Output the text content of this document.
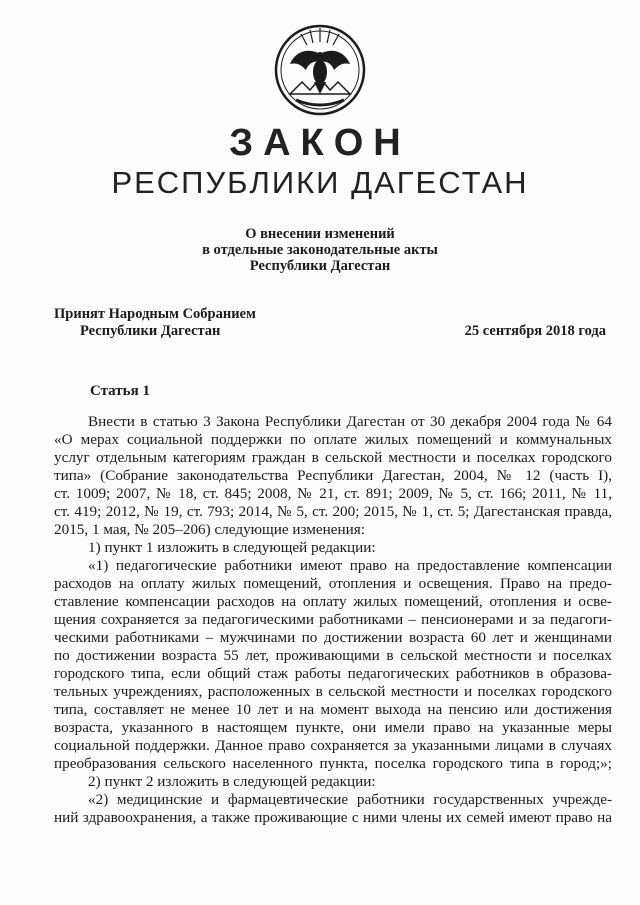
ЗАКОН
РЕСПУБЛИКИ ДАГЕСТАН
О внесении изменений
в отдельные законодательные акты
Республики Дагестан
Принят Народным Собранием
Республики Дагестан	25 сентября 2018 года
Статья 1
Внести в статью 3 Закона Республики Дагестан от 30 декабря 2004 года № 64
«О мерах социальной поддержки по оплате жилых помещений и коммунальных
услуг отдельным категориям граждан в сельской местности и поселках городского
типа» (Собрание законодательства Республики Дагестан, 2004, № 12 (часть I),
ст. 1009; 2007, № 18, ст. 845; 2008, № 21, ст. 891; 2009, № 5, ст. 166; 2011, № 11,
ст. 419; 2012, № 19, ст. 793; 2014, № 5, ст. 200; 2015, № 1, ст. 5; Дагестанская правда,
2015, 1 мая, № 205–206) следующие изменения:
1) пункт 1 изложить в следующей редакции:
«1) педагогические работники имеют право на предоставление компенсации
расходов на оплату жилых помещений, отопления и освещения. Право на предо-
ставление компенсации расходов на оплату жилых помещений, отопления и осве-
щения сохраняется за педагогическими работниками – пенсионерами и за педагоги-
ческими работниками – мужчинами по достижении возраста 60 лет и женщинами
по достижении возраста 55 лет, проживающими в сельской местности и поселках
городского типа, если общий стаж работы педагогических работников в образова-
тельных учреждениях, расположенных в сельской местности и поселках городского
типа, составляет не менее 10 лет и на момент выхода на пенсию или достижения
возраста, указанного в настоящем пункте, они имели право на указанные меры
социальной поддержки. Данное право сохраняется за указанными лицами в случаях
преобразования сельского населенного пункта, поселка городского типа в город;»;
2) пункт 2 изложить в следующей редакции:
«2) медицинские и фармацевтические работники государственных учрежде-
ний здравоохранения, а также проживающие с ними члены их семей имеют право на
